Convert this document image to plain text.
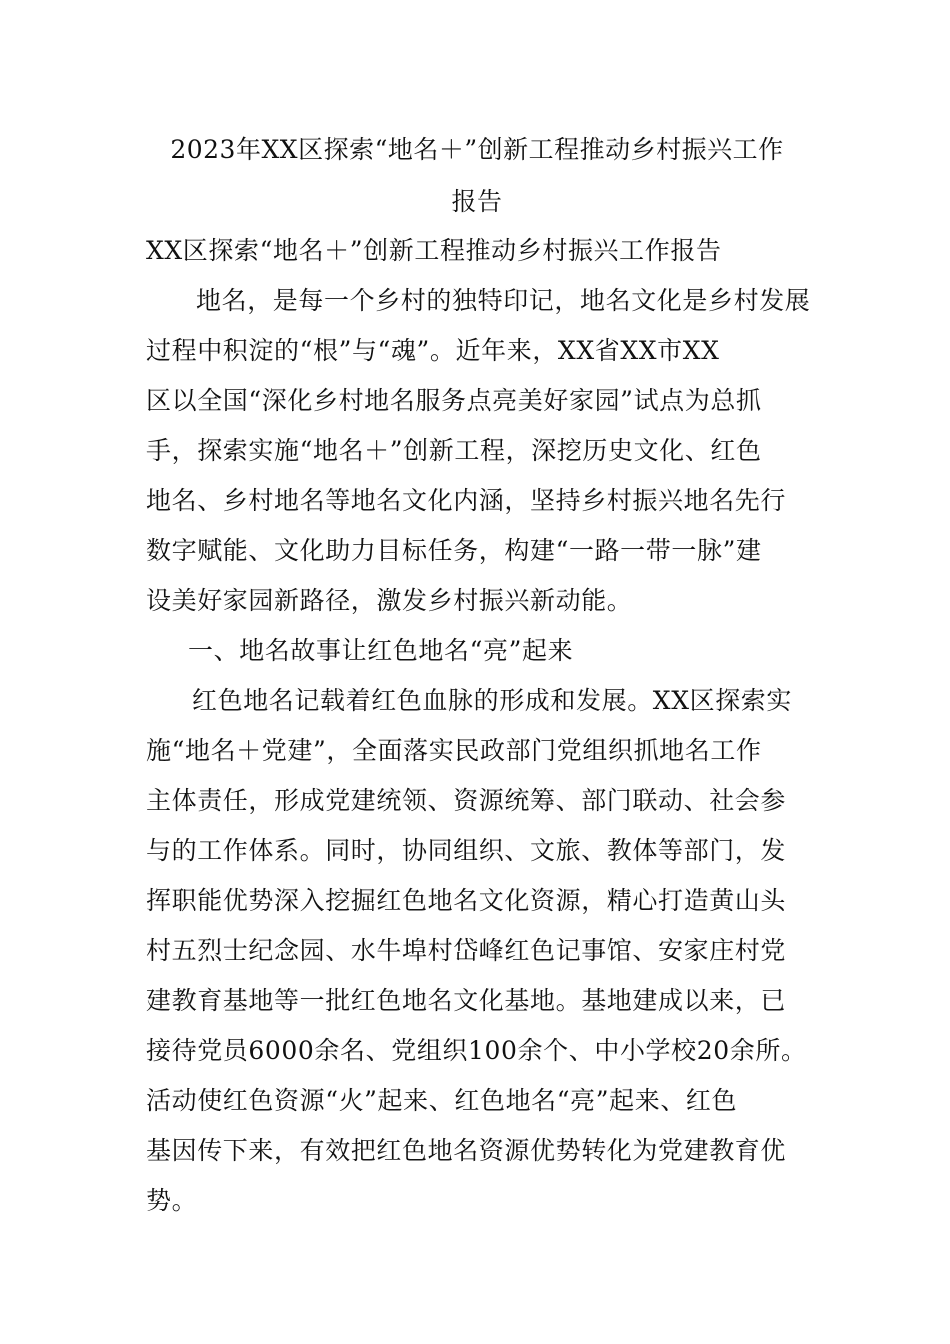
2023年XX区探索“地名＋”创新工程推动乡村振兴工作
报告
XX区探索“地名＋”创新工程推动乡村振兴工作报告
地名，是每一个乡村的独特印记，地名文化是乡村发展
过程中积淀的“根”与“魂”。近年来，XX省XX市XX
区以全国“深化乡村地名服务点亮美好家园”试点为总抓
手，探索实施“地名＋”创新工程，深挖历史文化、红色
地名、乡村地名等地名文化内涵，坚持乡村振兴地名先行
数字赋能、文化助力目标任务，构建“一路一带一脉”建
设美好家园新路径，激发乡村振兴新动能。
一、地名故事让红色地名“亮”起来
红色地名记载着红色血脉的形成和发展。XX区探索实
施“地名＋党建”，全面落实民政部门党组织抓地名工作
主体责任，形成党建统领、资源统筹、部门联动、社会参
与的工作体系。同时，协同组织、文旅、教体等部门，发
挥职能优势深入挖掘红色地名文化资源，精心打造黄山头
村五烈士纪念园、水牛埠村岱峰红色记事馆、安家庄村党
建教育基地等一批红色地名文化基地。基地建成以来，已
接待党员6000余名、党组织100余个、中小学校20余所。
活动使红色资源“火”起来、红色地名“亮”起来、红色
基因传下来，有效把红色地名资源优势转化为党建教育优
势。
